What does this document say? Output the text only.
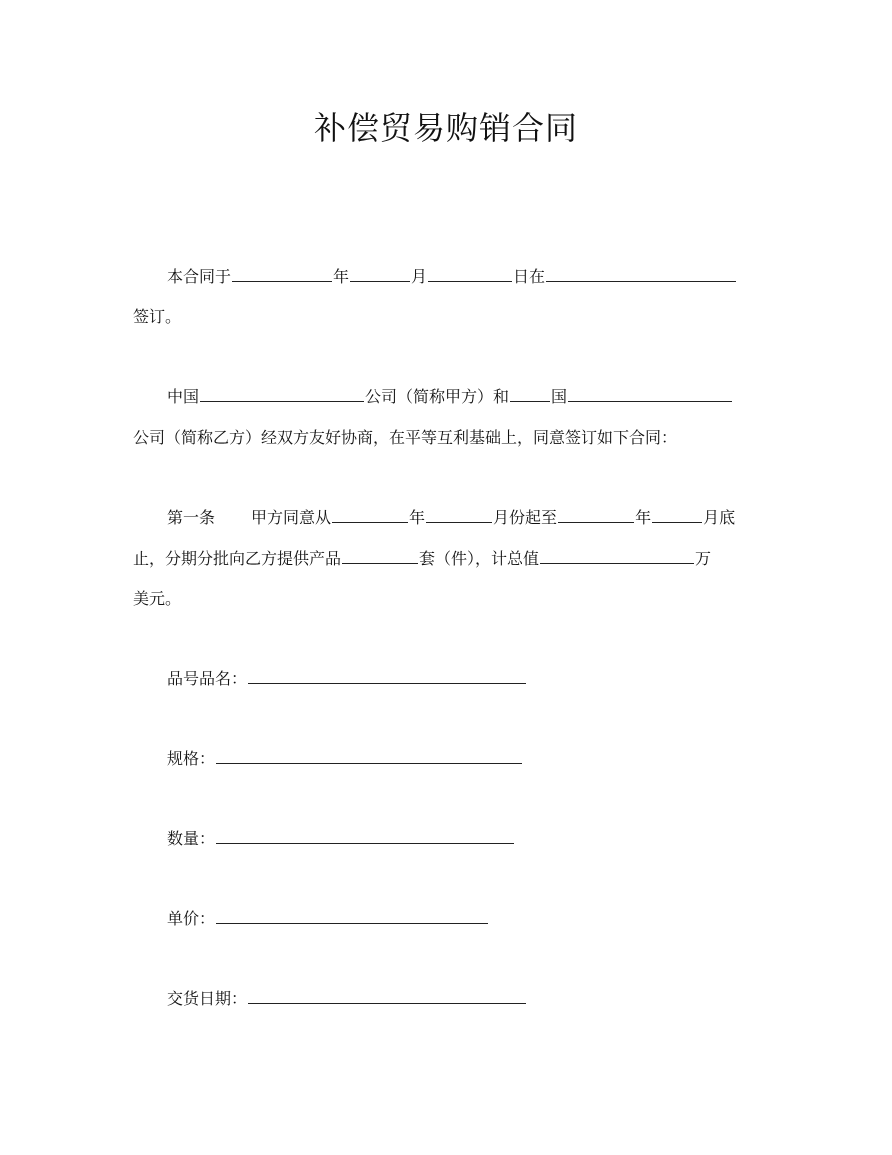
补偿贸易购销合同
本合同于	年	月	日在
签订。
中国	公司（简称甲方）和	国
公司（简称乙方）经双方友好协商，在平等互利基础上，同意签订如下合同：
第一条 甲方同意从	年	月份起至	年	月底
止，分期分批向乙方提供产品	套（件），计总值	万
美元。
品号品名：
规格：
数量：
单价：
交货日期：
